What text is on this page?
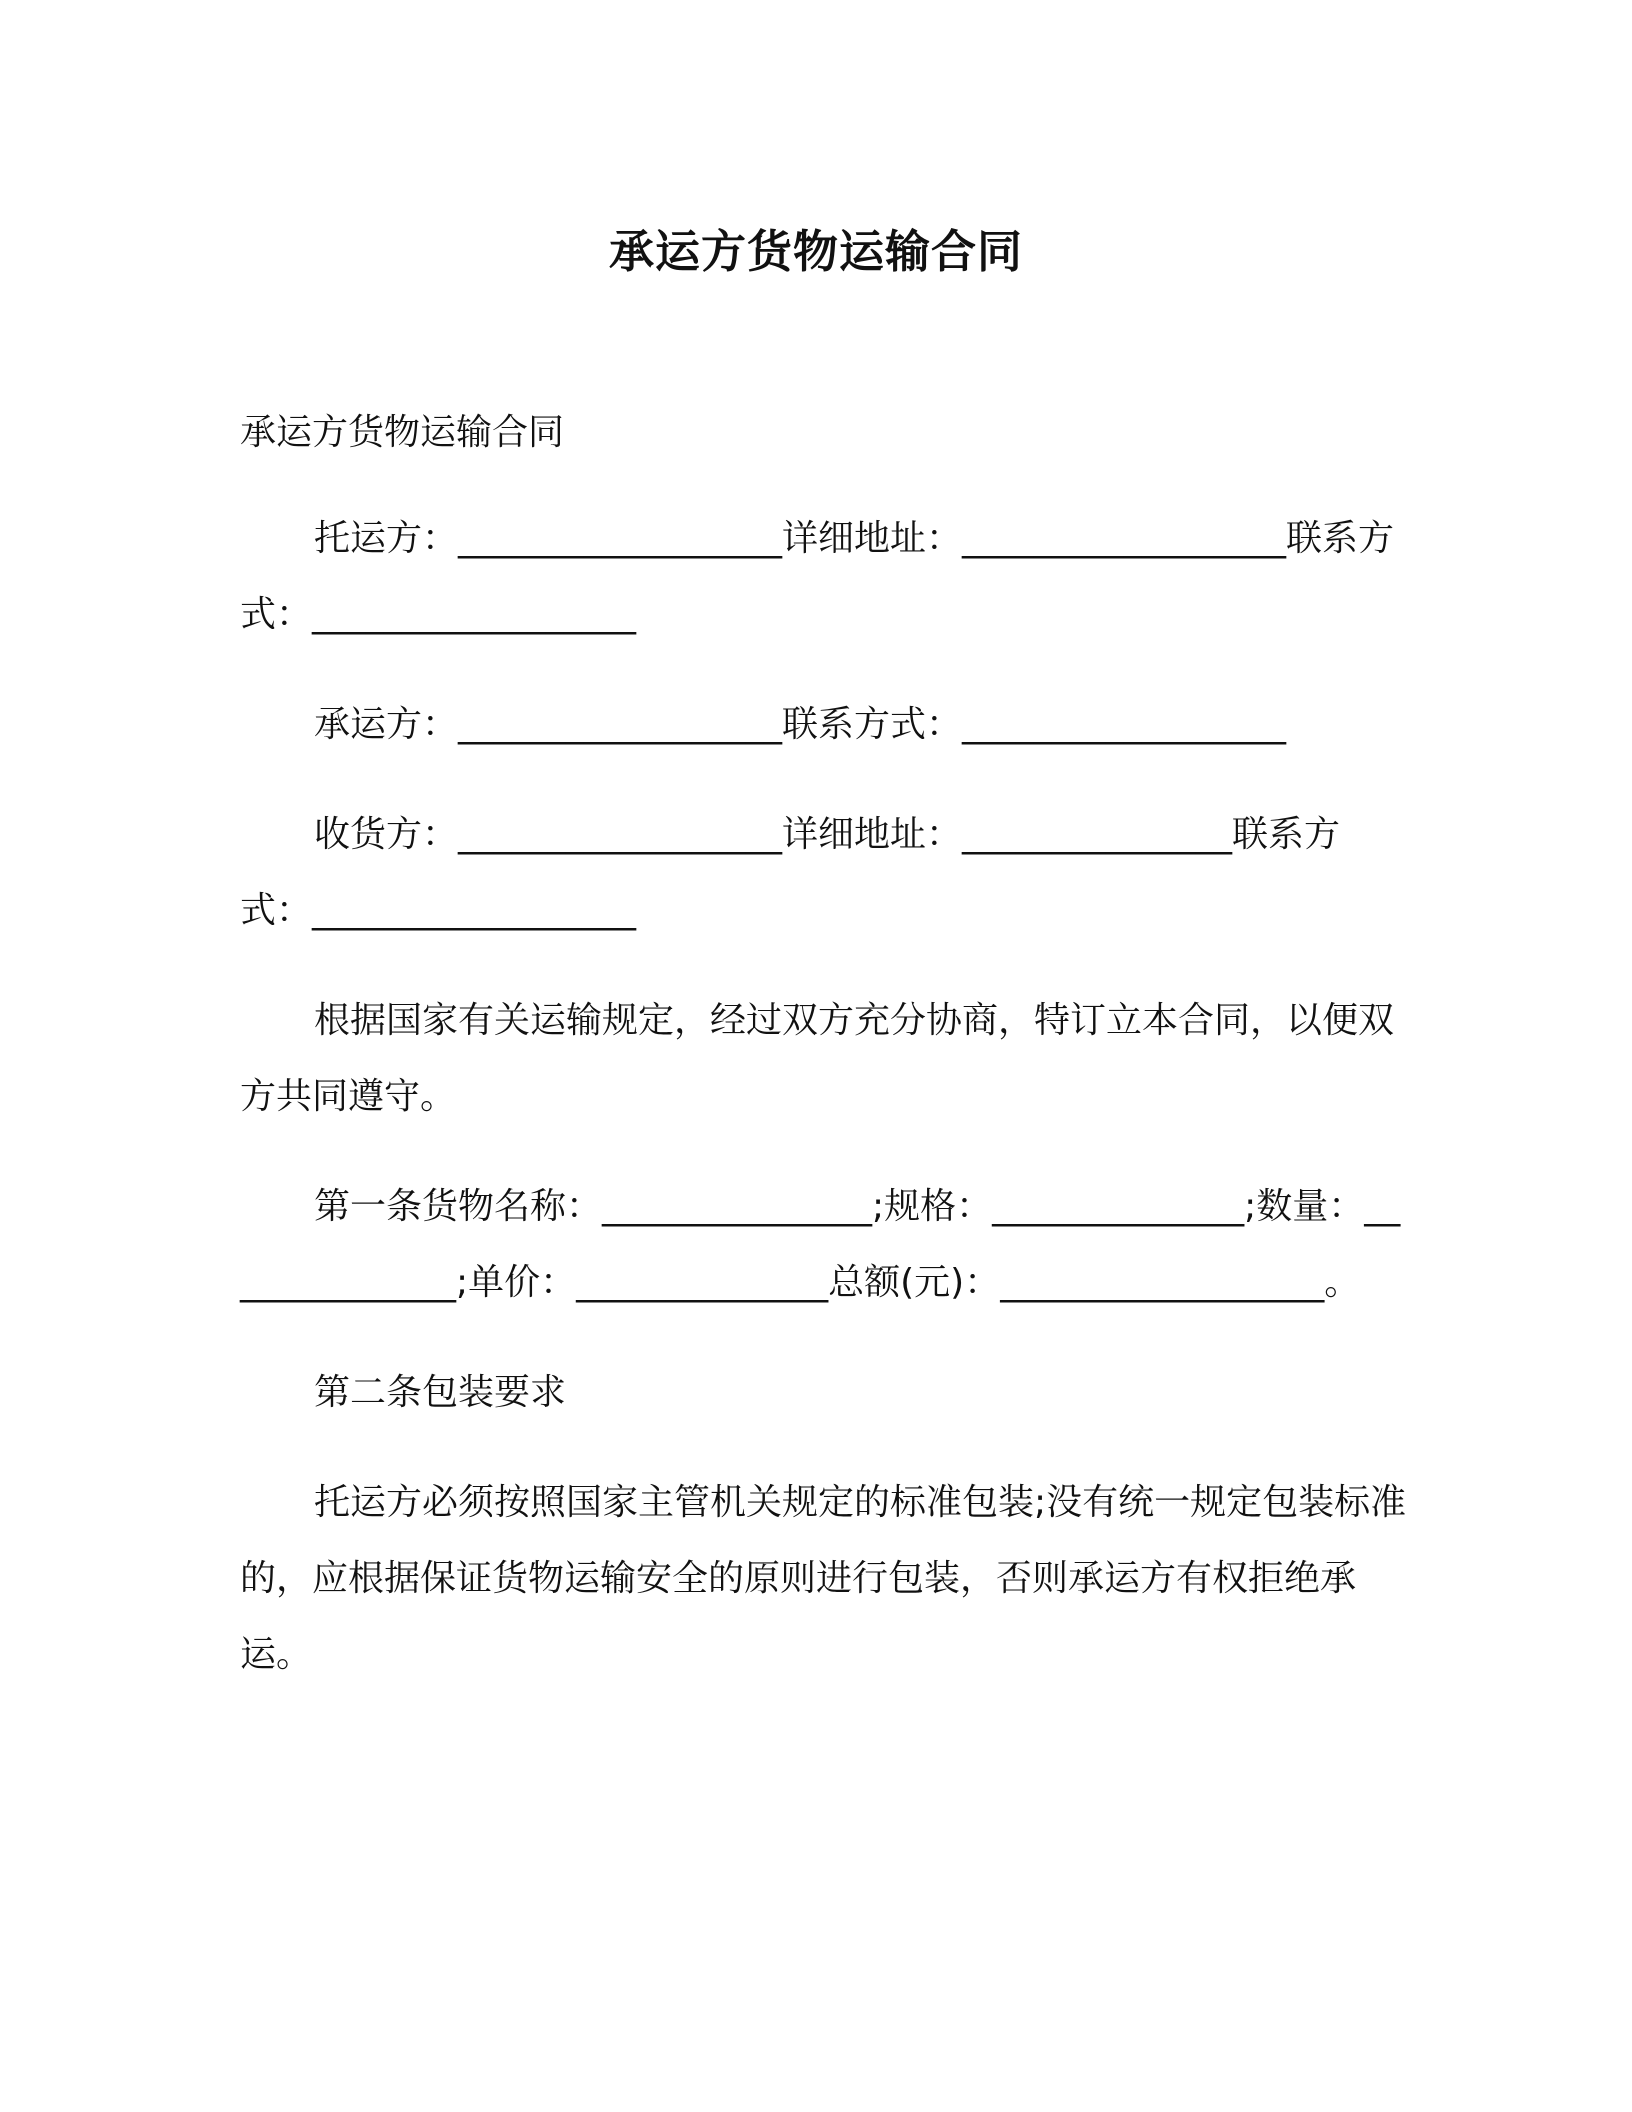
承运方货物运输合同

承运方货物运输合同

托运方：__________________详细地址：__________________联系方式：__________________

承运方：__________________联系方式：__________________

收货方：__________________详细地址：_______________联系方式：__________________

根据国家有关运输规定，经过双方充分协商，特订立本合同，以便双方共同遵守。

第一条货物名称：_______________;规格：______________;数量：______________;单价：______________总额(元)：__________________。

第二条包装要求

托运方必须按照国家主管机关规定的标准包装;没有统一规定包装标准的，应根据保证货物运输安全的原则进行包装，否则承运方有权拒绝承运。
